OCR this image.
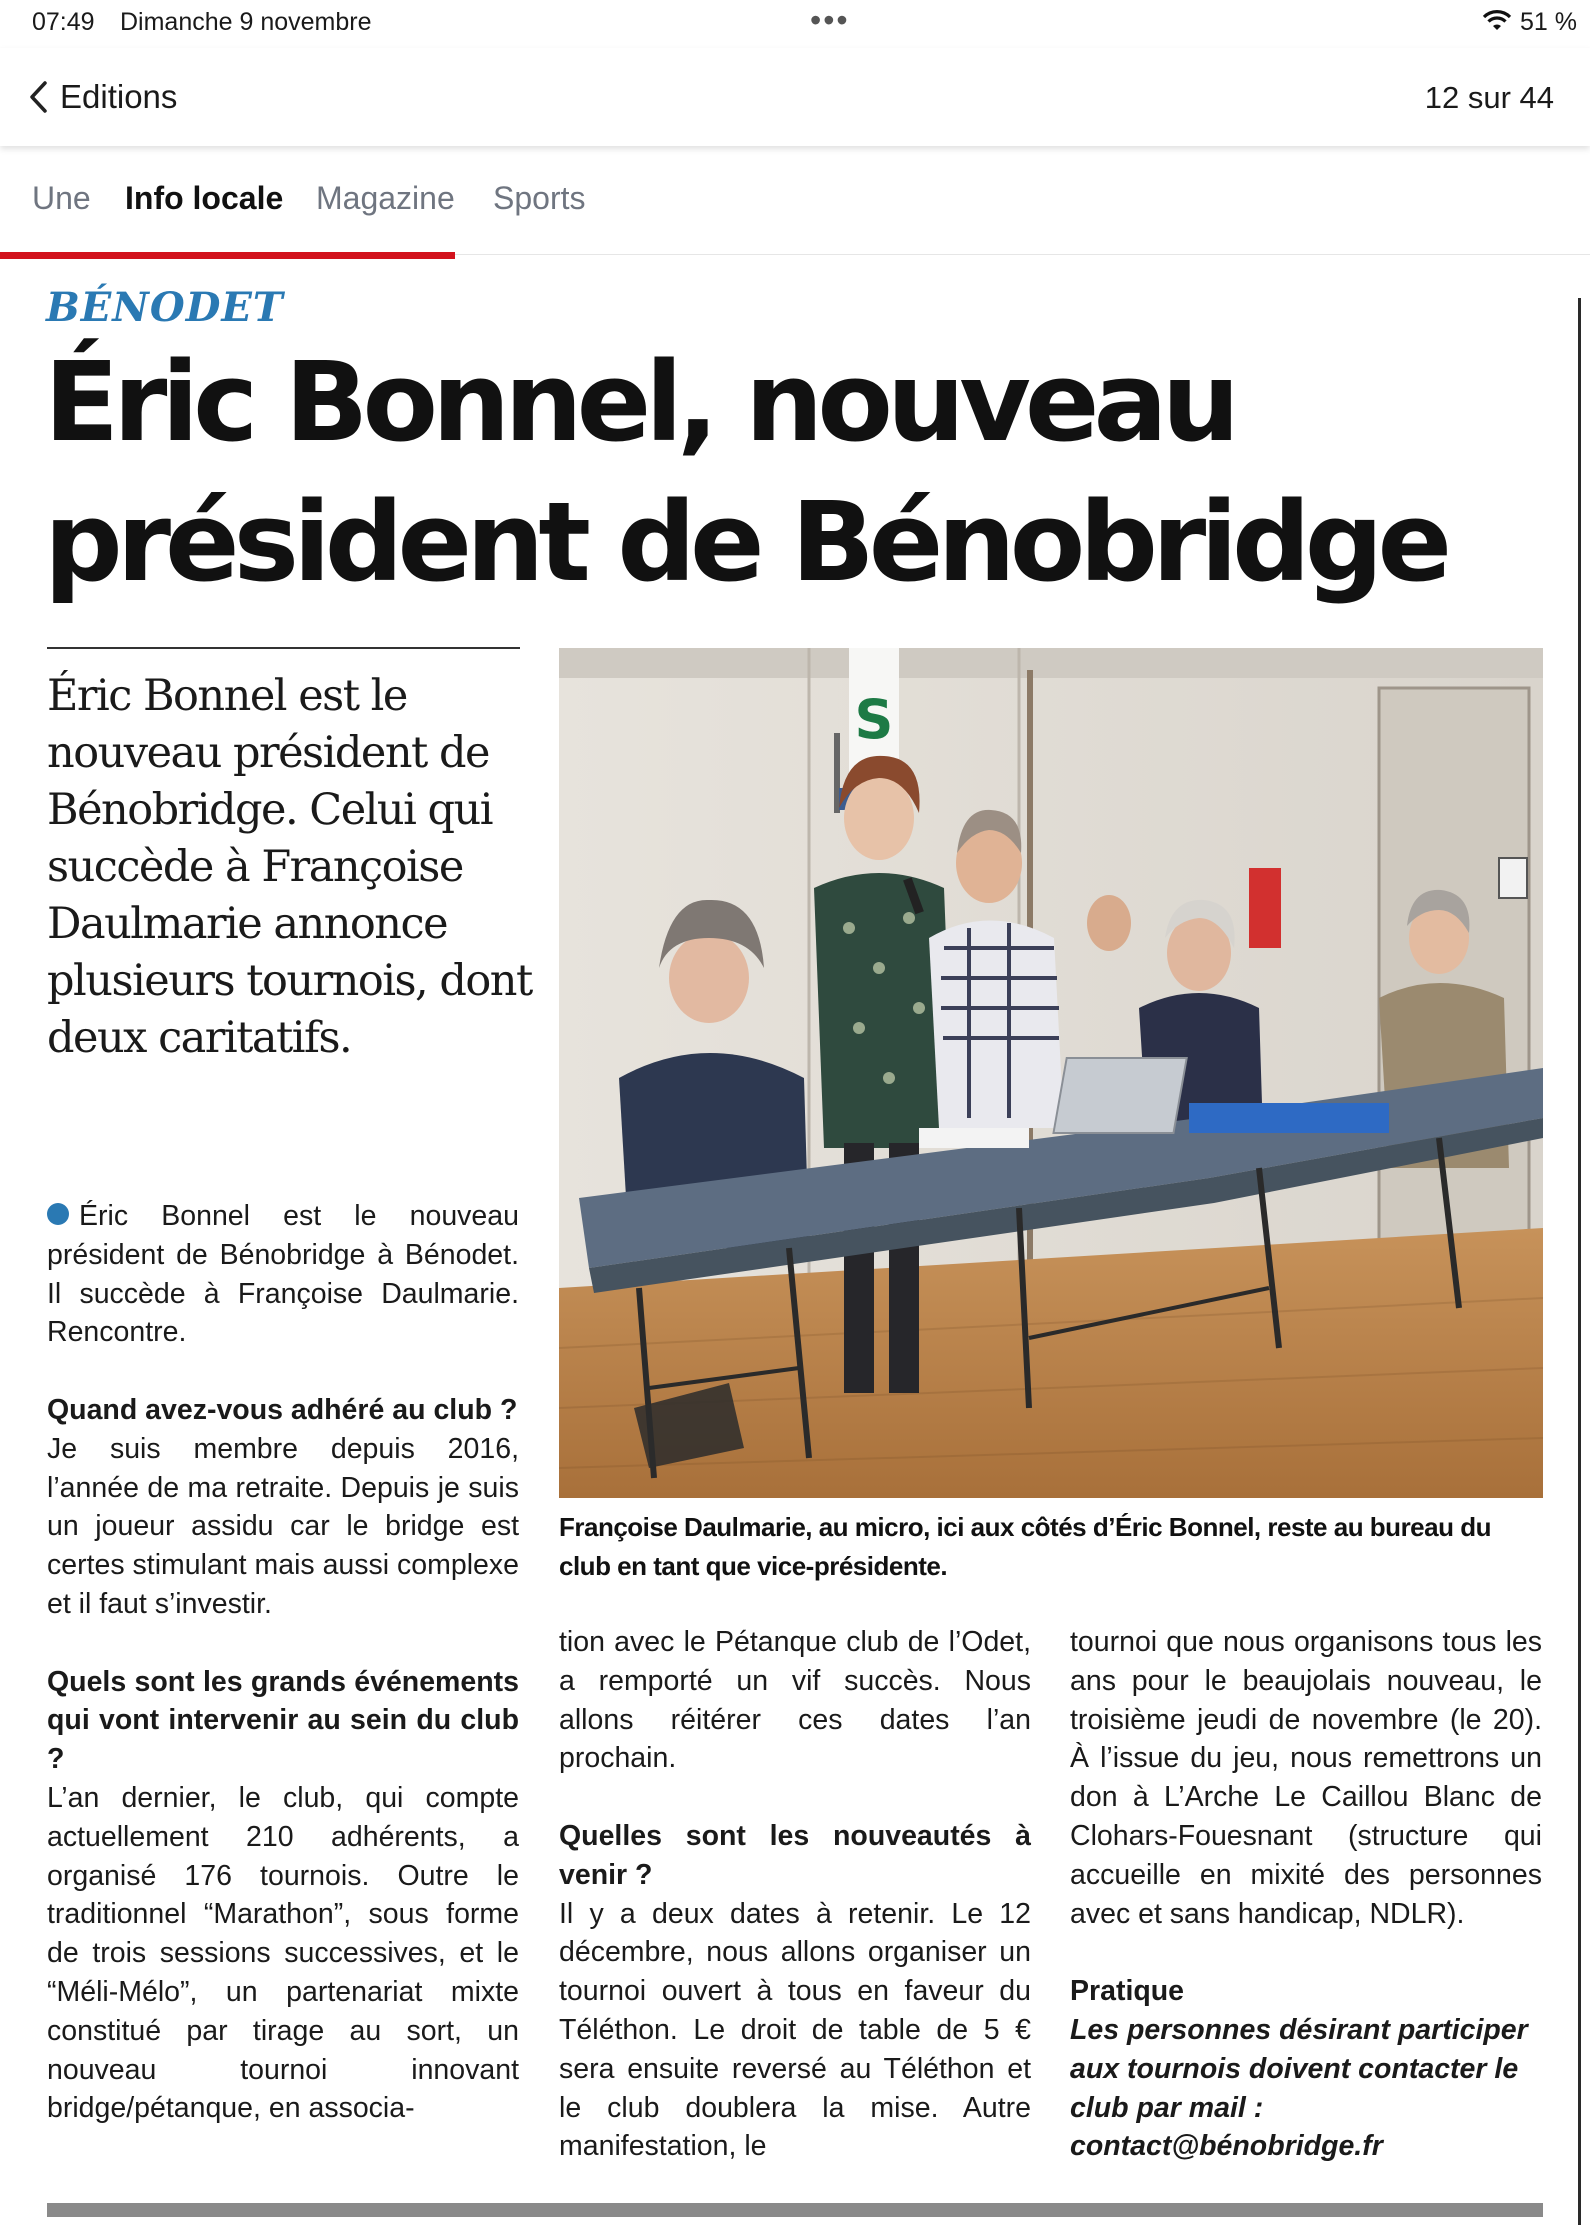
07:49 Dimanche 9 novembre	•••	51 %
Editions	12 sur 44
Une Info locale Magazine Sports
BÉNODET
Éric Bonnel, nouveau président de Bénobridge

Éric Bonnel est le nouveau président de Bénobridge. Celui qui succède à Françoise Daulmarie annonce plusieurs tournois, dont deux caritatifs.

Éric Bonnel est le nouveau président de Bénobridge à Bénodet. Il succède à Françoise Daulmarie. Rencontre.

Quand avez-vous adhéré au club ?

Je suis membre depuis 2016, l’année de ma retraite. Depuis je suis un joueur assidu car le bridge est certes stimulant mais aussi complexe et il faut s’investir.

Quels sont les grands événements qui vont intervenir au sein du club ?

L’an dernier, le club, qui compte actuellement 210 adhérents, a organisé 176 tournois. Outre le traditionnel “Marathon”, sous forme de trois sessions successives, et le “Méli-Mélo”, un partenariat mixte constitué par tirage au sort, un nouveau tournoi innovant bridge/pétanque, en associa-

S

Françoise Daulmarie, au micro, ici aux côtés d’Éric Bonnel, reste au bureau du club en tant que vice-présidente.

tion avec le Pétanque club de l’Odet, a remporté un vif succès. Nous allons réitérer ces dates l’an prochain.

Quelles sont les nouveautés à venir ?

Il y a deux dates à retenir. Le 12 décembre, nous allons organiser un tournoi ouvert à tous en faveur du Téléthon. Le droit de table de 5 € sera ensuite reversé au Téléthon et le club doublera la mise. Autre manifestation, le

tournoi que nous organisons tous les ans pour le beaujolais nouveau, le troisième jeudi de novembre (le 20). À l’issue du jeu, nous remettrons un don à L’Arche Le Caillou Blanc de Clohars-Fouesnant (structure qui accueille en mixité des personnes avec et sans handicap, NDLR).

Pratique

Les personnes désirant participer aux tournois doivent contacter le club par mail : contact@bénobridge.fr
